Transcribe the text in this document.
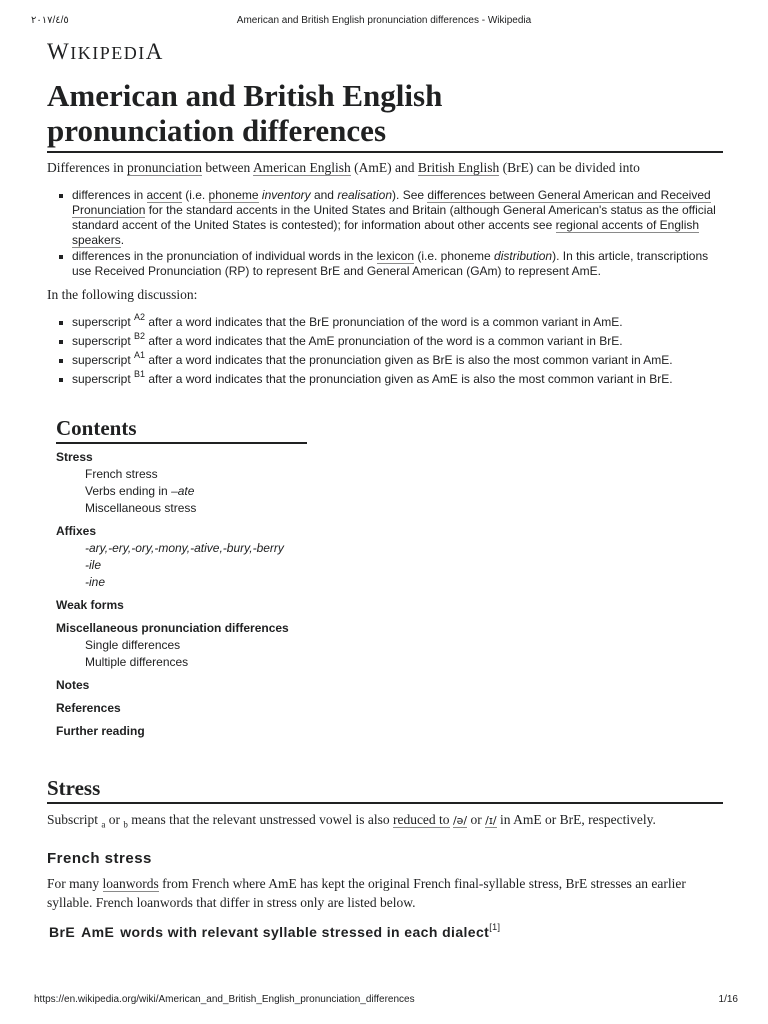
٢٠١٧/٤/٥	American and British English pronunciation differences - Wikipedia
WIKIPEDIA
American and British English
pronunciation differences

Differences in pronunciation between American English (AmE) and British English (BrE) can be divided into

differences in accent (i.e. phoneme inventory and realisation). See differences between General American and Received Pronunciation for the standard accents in the United States and Britain (although General American's status as the official standard accent of the United States is contested); for information about other accents see regional accents of English speakers.
differences in the pronunciation of individual words in the lexicon (i.e. phoneme distribution). In this article, transcriptions use Received Pronunciation (RP) to represent BrE and General American (GAm) to represent AmE.

In the following discussion:

superscript $^{A2}$ after a word indicates that the BrE pronunciation of the word is a common variant in AmE.
superscript $^{B2}$ after a word indicates that the AmE pronunciation of the word is a common variant in BrE.
superscript $^{A1}$ after a word indicates that the pronunciation given as BrE is also the most common variant in AmE.
superscript $^{B1}$ after a word indicates that the pronunciation given as AmE is also the most common variant in BrE.
Contents
Stress
French stress
Verbs ending in –ate
Miscellaneous stress
Affixes
-ary,-ery,-ory,-mony,-ative,-bury,-berry
-ile
-ine
Weak forms
Miscellaneous pronunciation differences
Single differences
Multiple differences
Notes
References
Further reading
Stress

Subscript $_a$ or $_b$ means that the relevant unstressed vowel is also reduced to /ə/ or /ɪ/ in AmE or BrE, respectively.

French stress

For many loanwords from French where AmE has kept the original French final-syllable stress, BrE stresses an earlier syllable. French loanwords that differ in stress only are listed below.

BrE AmE words with relevant syllable stressed in each dialect[1]
https://en.wikipedia.org/wiki/American_and_British_English_pronunciation_differences	1/16
